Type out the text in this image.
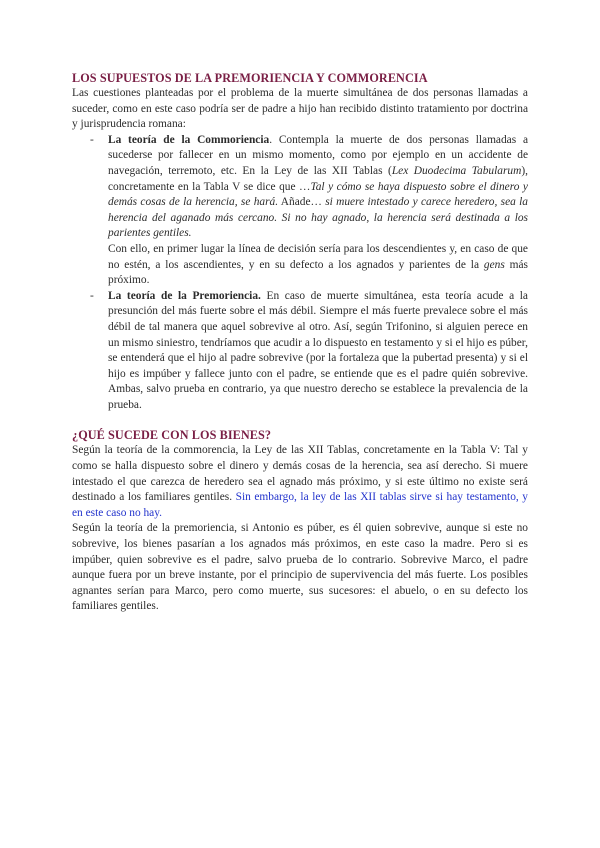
LOS SUPUESTOS DE LA PREMORIENCIA Y COMMORENCIA

Las cuestiones planteadas por el problema de la muerte simultánea de dos personas llamadas a suceder, como en este caso podría ser de padre a hijo han recibido distinto tratamiento por doctrina y jurisprudencia romana:

- La teoría de la Commoriencia. Contempla la muerte de dos personas llamadas a sucederse por fallecer en un mismo momento, como por ejemplo en un accidente de navegación, terremoto, etc. En la Ley de las XII Tablas (Lex Duodecima Tabularum), concretamente en la Tabla V se dice que …Tal y cómo se haya dispuesto sobre el dinero y demás cosas de la herencia, se hará. Añade… si muere intestado y carece heredero, sea la herencia del aganado más cercano. Si no hay agnado, la herencia será destinada a los parientes gentiles.

Con ello, en primer lugar la línea de decisión sería para los descendientes y, en caso de que no estén, a los ascendientes, y en su defecto a los agnados y parientes de la gens más próximo.

- La teoría de la Premoriencia. En caso de muerte simultánea, esta teoría acude a la presunción del más fuerte sobre el más débil. Siempre el más fuerte prevalece sobre el más débil de tal manera que aquel sobrevive al otro. Así, según Trifonino, si alguien perece en un mismo siniestro, tendríamos que acudir a lo dispuesto en testamento y si el hijo es púber, se entenderá que el hijo al padre sobrevive (por la fortaleza que la pubertad presenta) y si el hijo es impúber y fallece junto con el padre, se entiende que es el padre quién sobrevive. Ambas, salvo prueba en contrario, ya que nuestro derecho se establece la prevalencia de la prueba.

¿QUÉ SUCEDE CON LOS BIENES?

Según la teoría de la commorencia, la Ley de las XII Tablas, concretamente en la Tabla V: Tal y como se halla dispuesto sobre el dinero y demás cosas de la herencia, sea así derecho. Si muere intestado el que carezca de heredero sea el agnado más próximo, y si este último no existe será destinado a los familiares gentiles. Sin embargo, la ley de las XII tablas sirve si hay testamento, y en este caso no hay.

Según la teoría de la premoriencia, si Antonio es púber, es él quien sobrevive, aunque si este no sobrevive, los bienes pasarían a los agnados más próximos, en este caso la madre. Pero si es impúber, quien sobrevive es el padre, salvo prueba de lo contrario. Sobrevive Marco, el padre aunque fuera por un breve instante, por el principio de supervivencia del más fuerte. Los posibles agnantes serían para Marco, pero como muerte, sus sucesores: el abuelo, o en su defecto los familiares gentiles.
